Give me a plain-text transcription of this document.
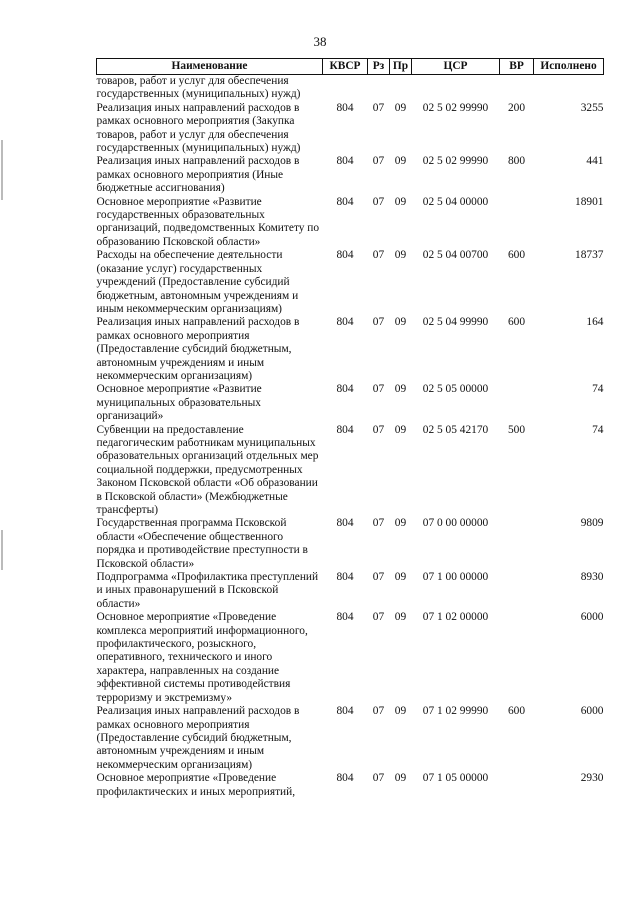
38
Наименование	КВСР	Рз	Пр	ЦСР	ВР	Исполнено
товаров, работ и услуг для обеспечения государственных (муниципальных) нужд)						
Реализация иных направлений расходов в рамках основного мероприятия (Закупка товаров, работ и услуг для обеспечения государственных (муниципальных) нужд)	804	07	09	02 5 02 99990	200	3255
Реализация иных направлений расходов в рамках основного мероприятия (Иные бюджетные ассигнования)	804	07	09	02 5 02 99990	800	441
Основное мероприятие «Развитие государственных образовательных организаций, подведомственных Комитету по образованию Псковской области»	804	07	09	02 5 04 00000		18901
Расходы на обеспечение деятельности (оказание услуг) государственных учреждений (Предоставление субсидий бюджетным, автономным учреждениям и иным некоммерческим организациям)	804	07	09	02 5 04 00700	600	18737
Реализация иных направлений расходов в рамках основного мероприятия (Предоставление субсидий бюджетным, автономным учреждениям и иным некоммерческим организациям)	804	07	09	02 5 04 99990	600	164
Основное мероприятие «Развитие муниципальных образовательных организаций»	804	07	09	02 5 05 00000		74
Субвенции на предоставление педагогическим работникам муниципальных образовательных организаций отдельных мер социальной поддержки, предусмотренных Законом Псковской области «Об образовании в Псковской области» (Межбюджетные трансферты)	804	07	09	02 5 05 42170	500	74
Государственная программа Псковской области «Обеспечение общественного порядка и противодействие преступности в Псковской области»	804	07	09	07 0 00 00000		9809
Подпрограмма «Профилактика преступлений и иных правонарушений в Псковской области»	804	07	09	07 1 00 00000		8930
Основное мероприятие «Проведение комплекса мероприятий информационного, профилактического, розыскного, оперативного, технического и иного характера, направленных на создание эффективной системы противодействия терроризму и экстремизму»	804	07	09	07 1 02 00000		6000
Реализация иных направлений расходов в рамках основного мероприятия (Предоставление субсидий бюджетным, автономным учреждениям и иным некоммерческим организациям)	804	07	09	07 1 02 99990	600	6000
Основное мероприятие «Проведение профилактических и иных мероприятий,	804	07	09	07 1 05 00000		2930
